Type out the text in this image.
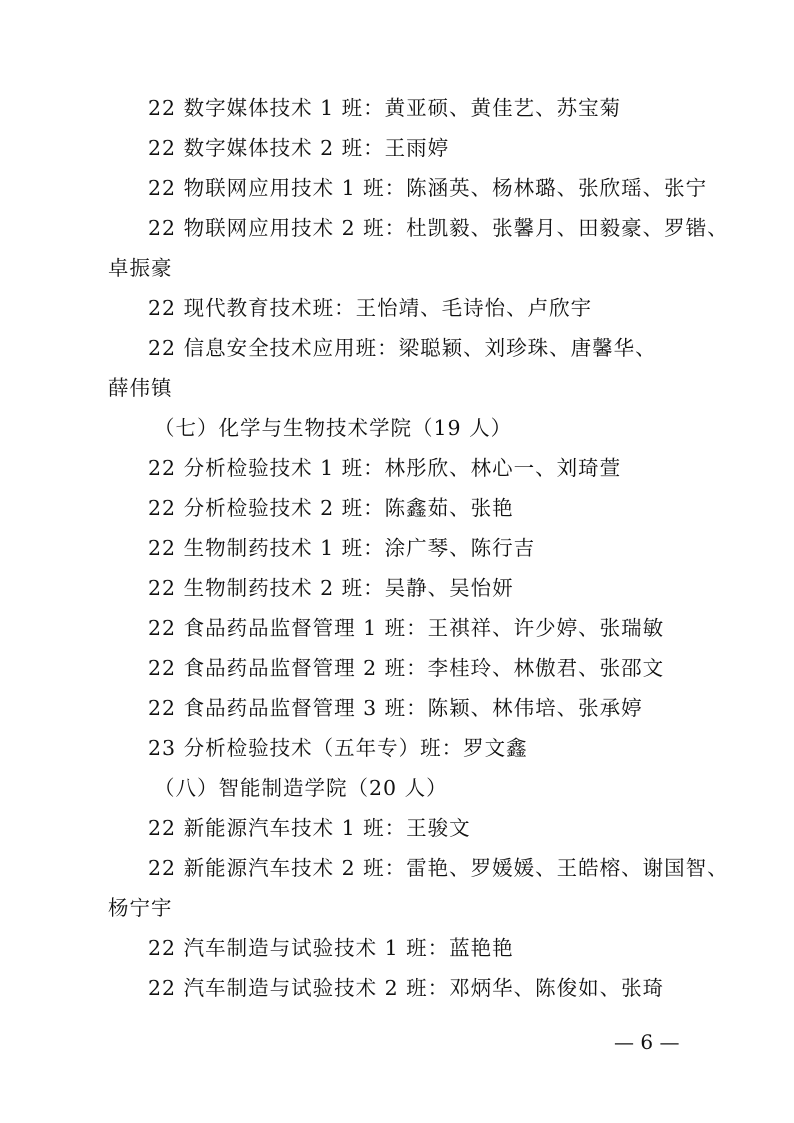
22 数字媒体技术 1 班：黄亚硕、黄佳艺、苏宝菊

22 数字媒体技术 2 班：王雨婷

22 物联网应用技术 1 班：陈涵英、杨林璐、张欣瑶、张宁

22 物联网应用技术 2 班：杜凯毅、张馨月、田毅豪、罗锴、

卓振豪

22 现代教育技术班：王怡靖、毛诗怡、卢欣宇

22 信息安全技术应用班：梁聪颖、刘珍珠、唐馨华、

薛伟镇

（七）化学与生物技术学院（19 人）

22 分析检验技术 1 班：林彤欣、林心一、刘琦萱

22 分析检验技术 2 班：陈鑫茹、张艳

22 生物制药技术 1 班：涂广琴、陈行吉

22 生物制药技术 2 班：吴静、吴怡妍

22 食品药品监督管理 1 班：王祺祥、许少婷、张瑞敏

22 食品药品监督管理 2 班：李桂玲、林傲君、张邵文

22 食品药品监督管理 3 班：陈颖、林伟培、张承婷

23 分析检验技术（五年专）班：罗文鑫

（八）智能制造学院（20 人）

22 新能源汽车技术 1 班：王骏文

22 新能源汽车技术 2 班：雷艳、罗媛媛、王皓榕、谢国智、

杨宁宇

22 汽车制造与试验技术 1 班：蓝艳艳

22 汽车制造与试验技术 2 班：邓炳华、陈俊如、张琦

— 6 —
